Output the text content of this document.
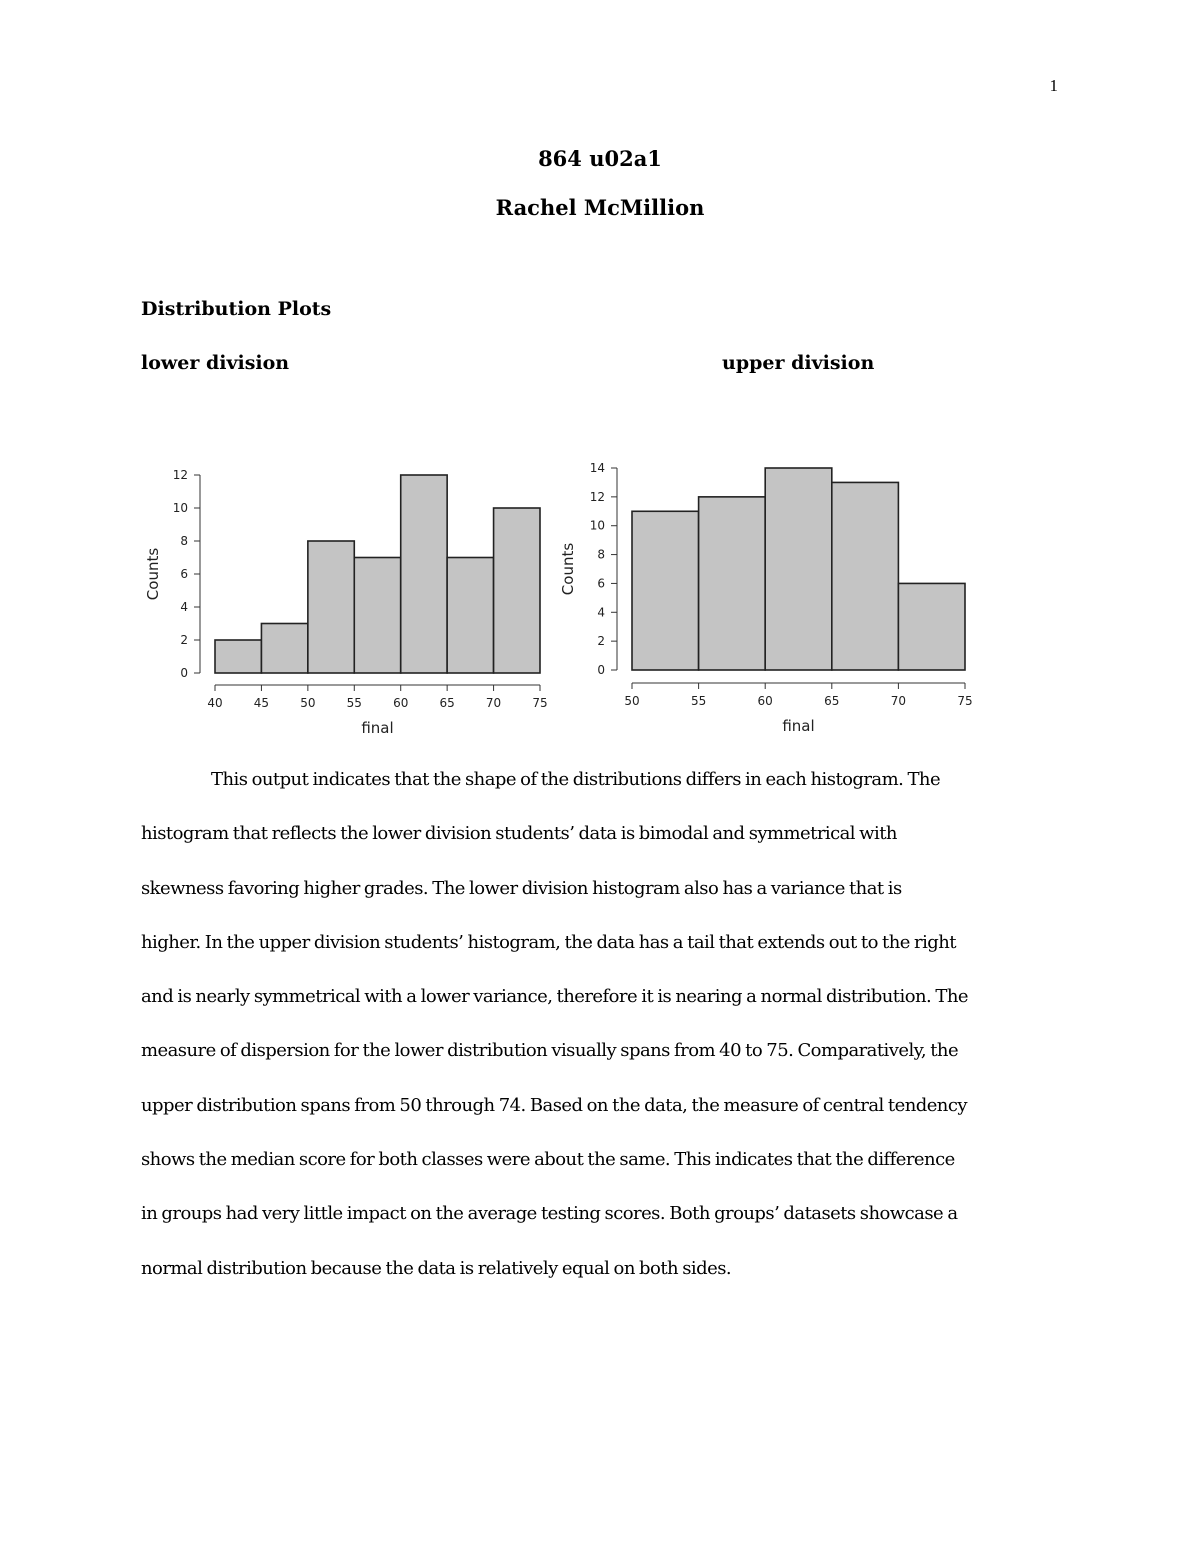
1
864 u02a1
Rachel McMillion
Distribution Plots
lower division	upper division
0
2
4
6
8
10
12
40	45	50	55	60	65	70	75
final
Counts
0
2
4
6
8
10
12
14
50	55	60	65	70	75
final
Counts
This output indicates that the shape of the distributions differs in each histogram. The
histogram that reflects the lower division students’ data is bimodal and symmetrical with
skewness favoring higher grades. The lower division histogram also has a variance that is
higher. In the upper division students’ histogram, the data has a tail that extends out to the right
and is nearly symmetrical with a lower variance, therefore it is nearing a normal distribution. The
measure of dispersion for the lower distribution visually spans from 40 to 75. Comparatively, the
upper distribution spans from 50 through 74. Based on the data, the measure of central tendency
shows the median score for both classes were about the same. This indicates that the difference
in groups had very little impact on the average testing scores. Both groups’ datasets showcase a
normal distribution because the data is relatively equal on both sides.
